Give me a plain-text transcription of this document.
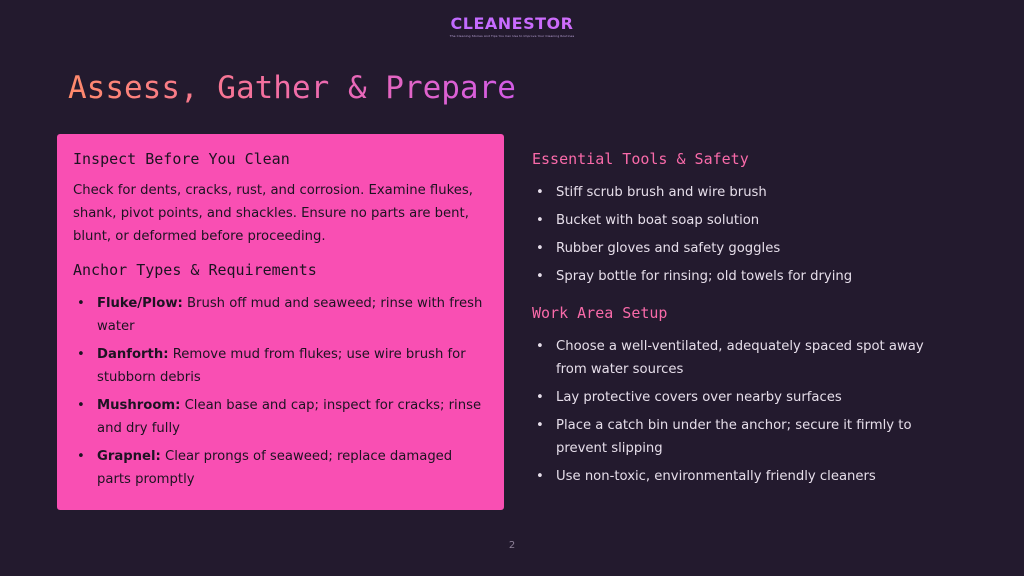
CLEANESTOR
The Cleaning Stories And Tips You Can Use to Improve Your Cleaning Routines
Assess, Gather & Prepare
Inspect Before You Clean

Check for dents, cracks, rust, and corrosion. Examine flukes, shank, pivot points, and shackles. Ensure no parts are bent, blunt, or deformed before proceeding.

Anchor Types & Requirements
• Fluke/Plow: Brush off mud and seaweed; rinse with fresh water
• Danforth: Remove mud from flukes; use wire brush for stubborn debris
• Mushroom: Clean base and cap; inspect for cracks; rinse and dry fully
• Grapnel: Clear prongs of seaweed; replace damaged parts promptly
Essential Tools & Safety
• Stiff scrub brush and wire brush
• Bucket with boat soap solution
• Rubber gloves and safety goggles
• Spray bottle for rinsing; old towels for drying
Work Area Setup
• Choose a well-ventilated, adequately spaced spot away from water sources
• Lay protective covers over nearby surfaces
• Place a catch bin under the anchor; secure it firmly to prevent slipping
• Use non-toxic, environmentally friendly cleaners
2
